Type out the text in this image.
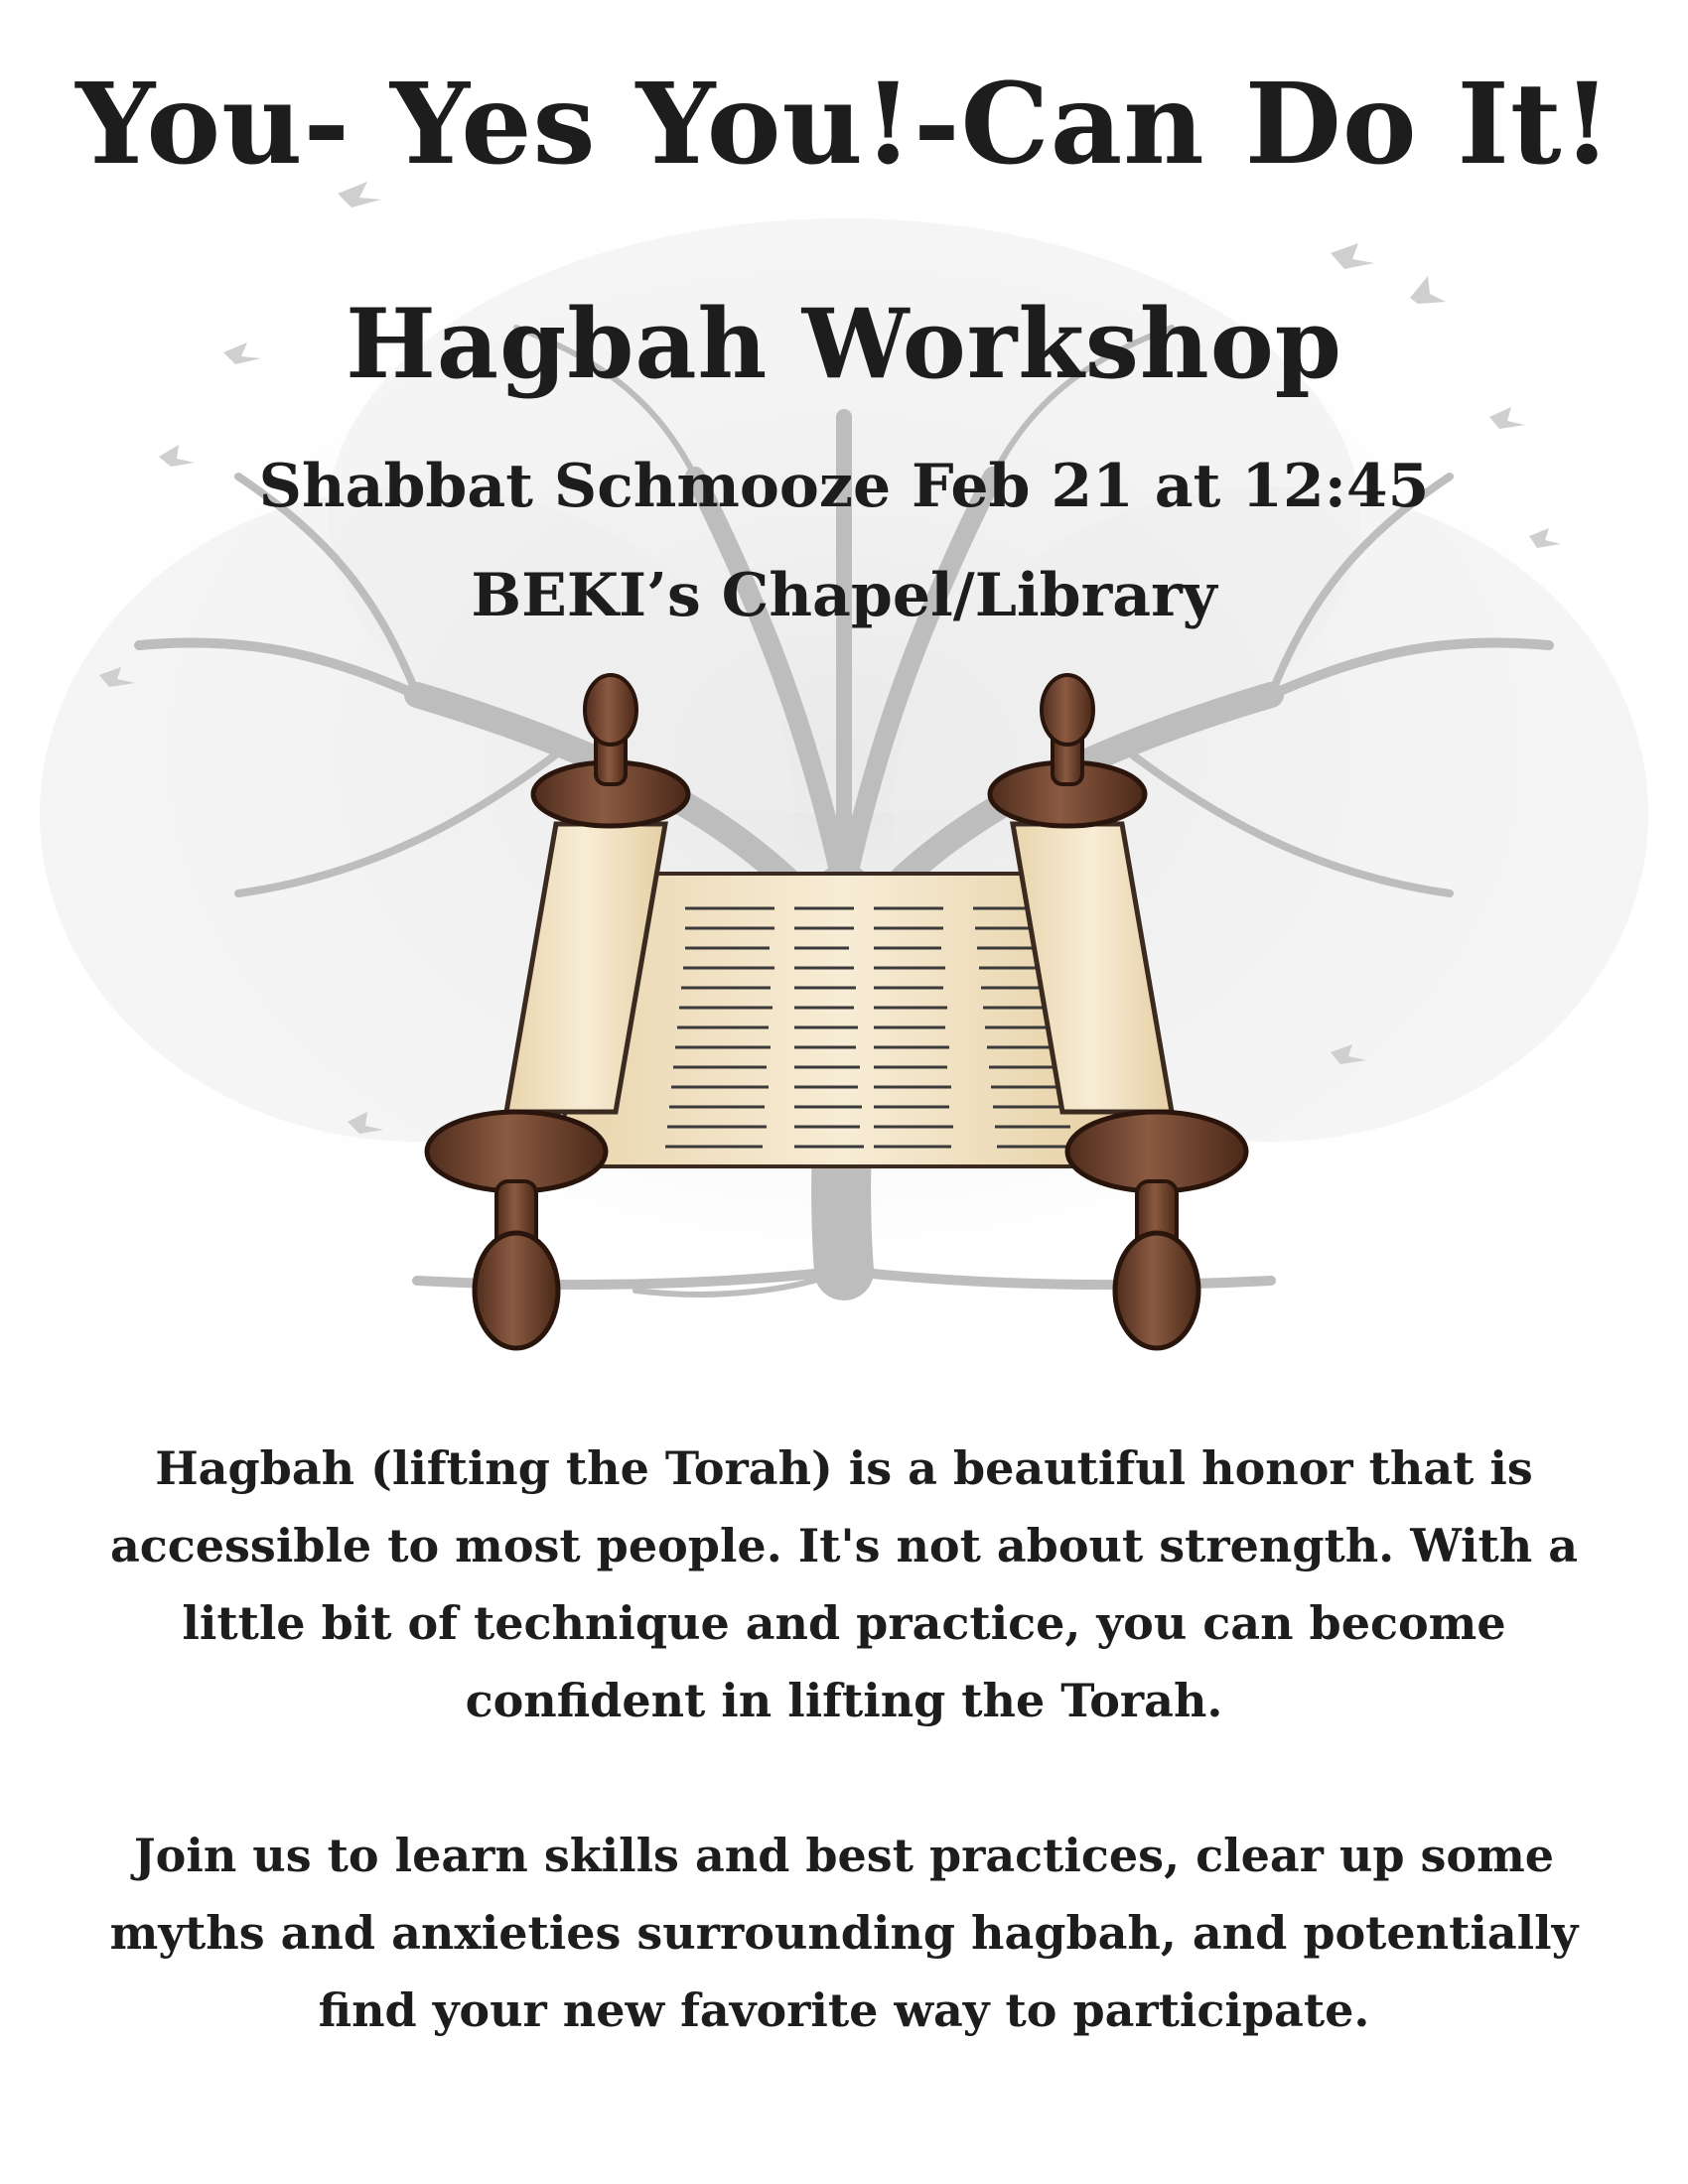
You- Yes You!-Can Do It!
Hagbah Workshop
Shabbat Schmooze Feb 21 at 12:45
BEKI’s Chapel/Library
Hagbah (lifting the Torah) is a beautiful honor that is accessible to most people. It's not about strength. With a little bit of technique and practice, you can become confident in lifting the Torah.
Join us to learn skills and best practices, clear up some myths and anxieties surrounding hagbah, and potentially find your new favorite way to participate.
